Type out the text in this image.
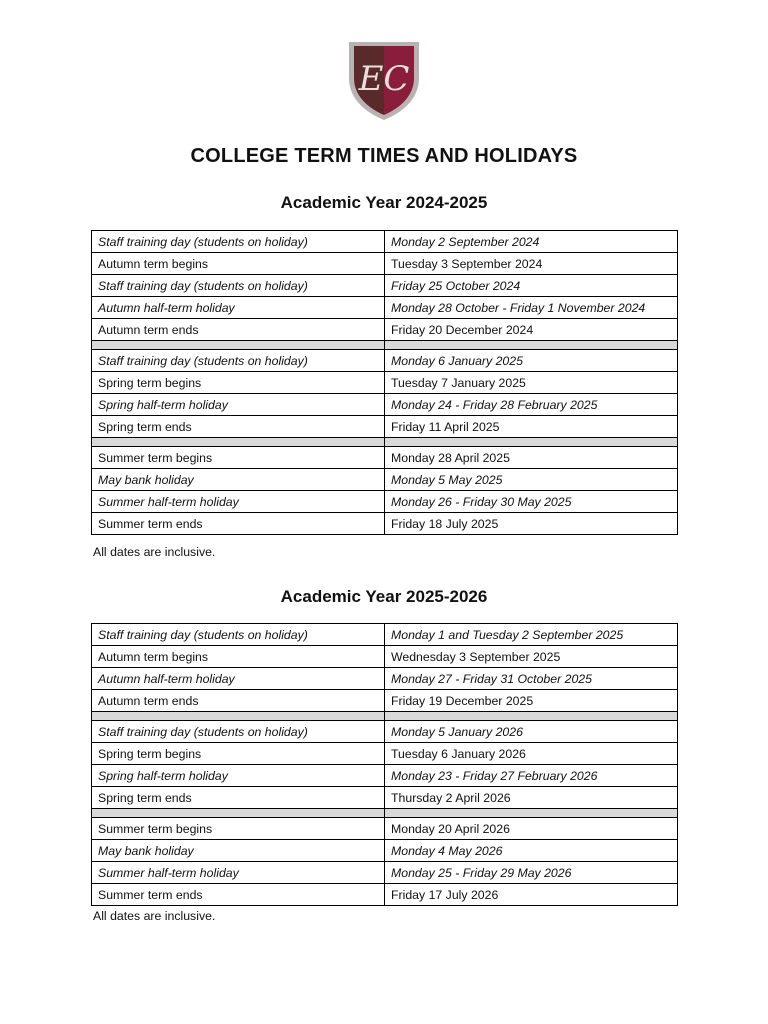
EC
COLLEGE TERM TIMES AND HOLIDAYS
Academic Year 2024-2025
Staff training day (students on holiday)	Monday 2 September 2024
Autumn term begins	Tuesday 3 September 2024
Staff training day (students on holiday)	Friday 25 October 2024
Autumn half-term holiday	Monday 28 October - Friday 1 November 2024
Autumn term ends	Friday 20 December 2024

Staff training day (students on holiday)	Monday 6 January 2025
Spring term begins	Tuesday 7 January 2025
Spring half-term holiday	Monday 24 - Friday 28 February 2025
Spring term ends	Friday 11 April 2025

Summer term begins	Monday 28 April 2025
May bank holiday	Monday 5 May 2025
Summer half-term holiday	Monday 26 - Friday 30 May 2025
Summer term ends	Friday 18 July 2025
All dates are inclusive.
Academic Year 2025-2026
Staff training day (students on holiday)	Monday 1 and Tuesday 2 September 2025
Autumn term begins	Wednesday 3 September 2025
Autumn half-term holiday	Monday 27 - Friday 31 October 2025
Autumn term ends	Friday 19 December 2025

Staff training day (students on holiday)	Monday 5 January 2026
Spring term begins	Tuesday 6 January 2026
Spring half-term holiday	Monday 23 - Friday 27 February 2026
Spring term ends	Thursday 2 April 2026

Summer term begins	Monday 20 April 2026
May bank holiday	Monday 4 May 2026
Summer half-term holiday	Monday 25 - Friday 29 May 2026
Summer term ends	Friday 17 July 2026
All dates are inclusive.
